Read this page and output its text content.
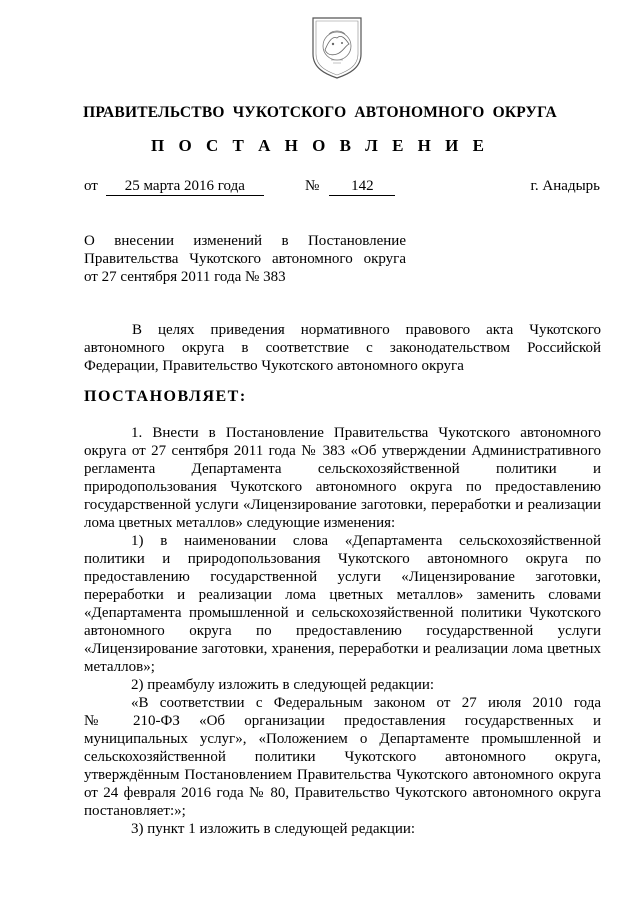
ПРАВИТЕЛЬСТВО ЧУКОТСКОГО АВТОНОМНОГО ОКРУГА
П О С Т А Н О В Л Е Н И Е
от 25 марта 2016 года	№ 142	г. Анадырь
О внесении изменений в Постановление
Правительства Чукотского автономного округа
от 27 сентября 2011 года № 383
В целях приведения нормативного правового акта Чукотского
автономного округа в соответствие с законодательством Российской
Федерации, Правительство Чукотского автономного округа
ПОСТАНОВЛЯЕТ:
1. Внести в Постановление Правительства Чукотского автономного
округа от 27 сентября 2011 года № 383 «Об утверждении Административного
регламента Департамента сельскохозяйственной политики и
природопользования Чукотского автономного округа по предоставлению
государственной услуги «Лицензирование заготовки, переработки и реализации
лома цветных металлов» следующие изменения:
1) в наименовании слова «Департамента сельскохозяйственной
политики и природопользования Чукотского автономного округа по
предоставлению государственной услуги «Лицензирование заготовки,
переработки и реализации лома цветных металлов» заменить словами
«Департамента промышленной и сельскохозяйственной политики Чукотского
автономного округа по предоставлению государственной услуги
«Лицензирование заготовки, хранения, переработки и реализации лома цветных
металлов»;
2) преамбулу изложить в следующей редакции:
«В соответствии с Федеральным законом от 27 июля 2010 года
№ 210-ФЗ «Об организации предоставления государственных и
муниципальных услуг», «Положением о Департаменте промышленной и
сельскохозяйственной политики Чукотского автономного округа,
утверждённым Постановлением Правительства Чукотского автономного округа
от 24 февраля 2016 года № 80, Правительство Чукотского автономного округа
постановляет:»;
3) пункт 1 изложить в следующей редакции:
